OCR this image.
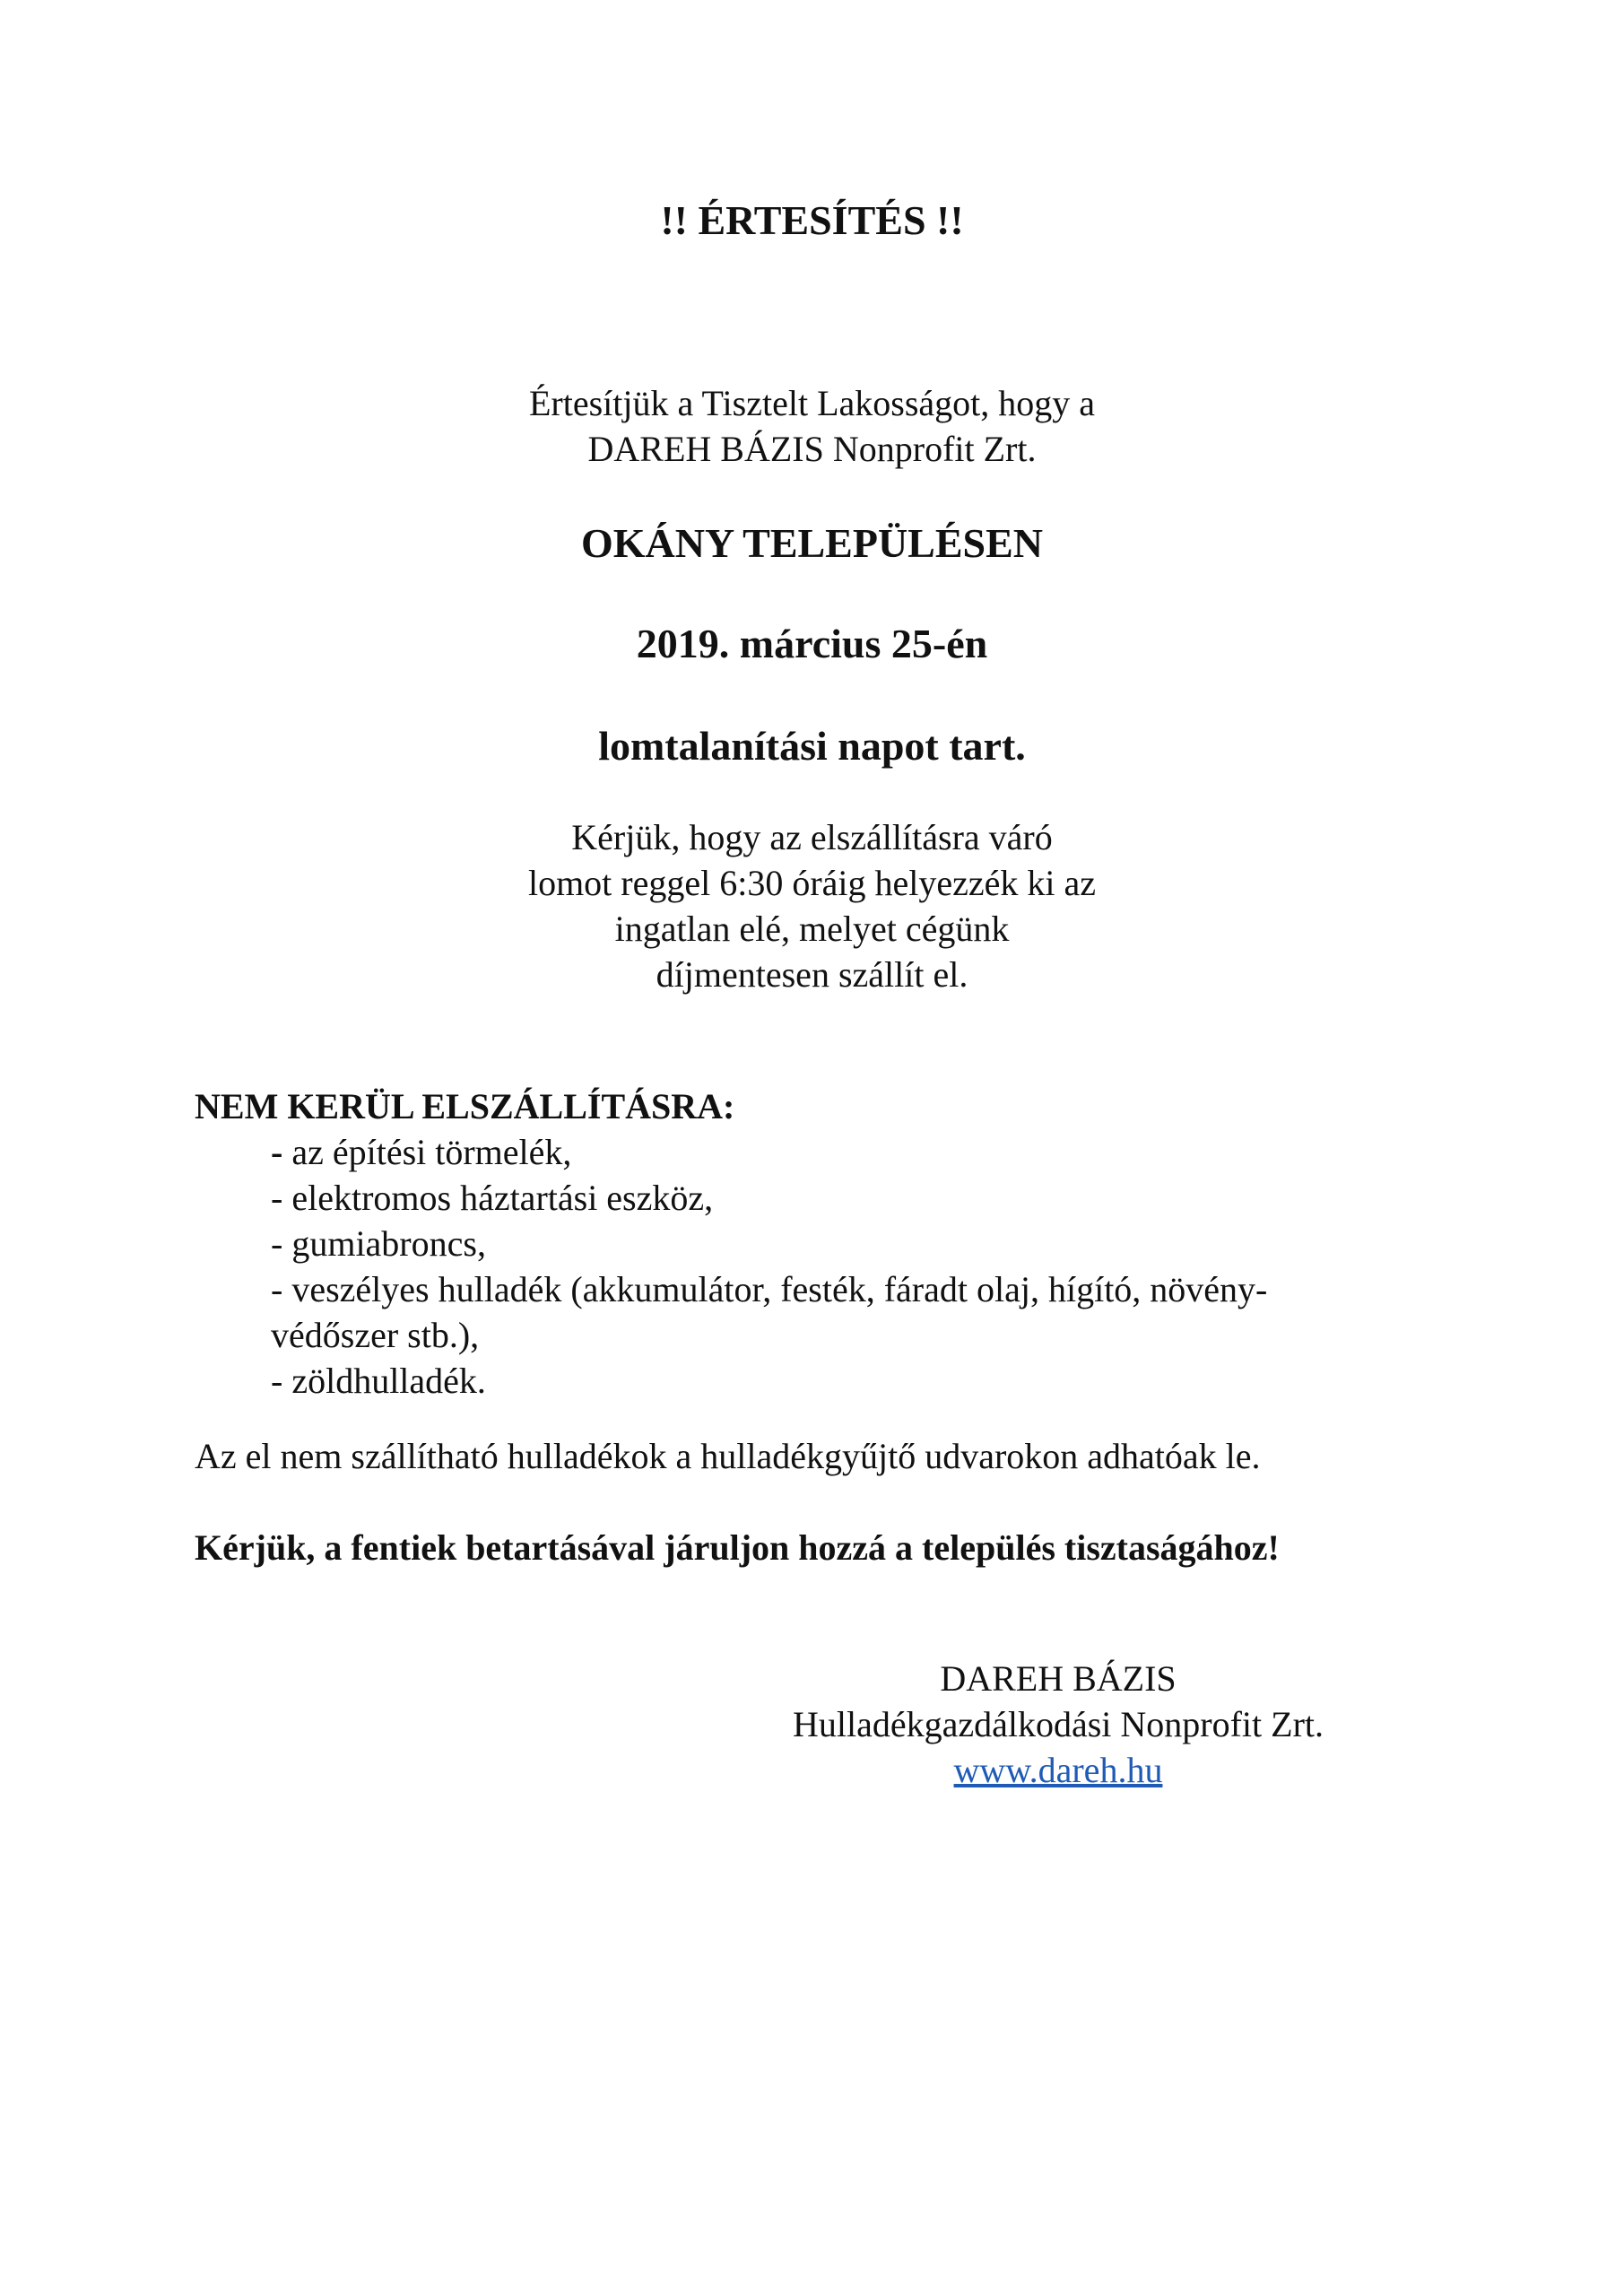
!! ÉRTESÍTÉS !!
Értesítjük a Tisztelt Lakosságot, hogy a
DAREH BÁZIS Nonprofit Zrt.
OKÁNY TELEPÜLÉSEN
2019. március 25-én
lomtalanítási napot tart.
Kérjük, hogy az elszállításra váró
lomot reggel 6:30 óráig helyezzék ki az
ingatlan elé, melyet cégünk
díjmentesen szállít el.
NEM KERÜL ELSZÁLLÍTÁSRA:
- az építési törmelék,
- elektromos háztartási eszköz,
- gumiabroncs,
- veszélyes hulladék (akkumulátor, festék, fáradt olaj, hígító, növény-
védőszer stb.),
- zöldhulladék.

Az el nem szállítható hulladékok a hulladékgyűjtő udvarokon adhatóak le.

Kérjük, a fentiek betartásával járuljon hozzá a település tisztaságához!

DAREH BÁZIS
Hulladékgazdálkodási Nonprofit Zrt.
www.dareh.hu
